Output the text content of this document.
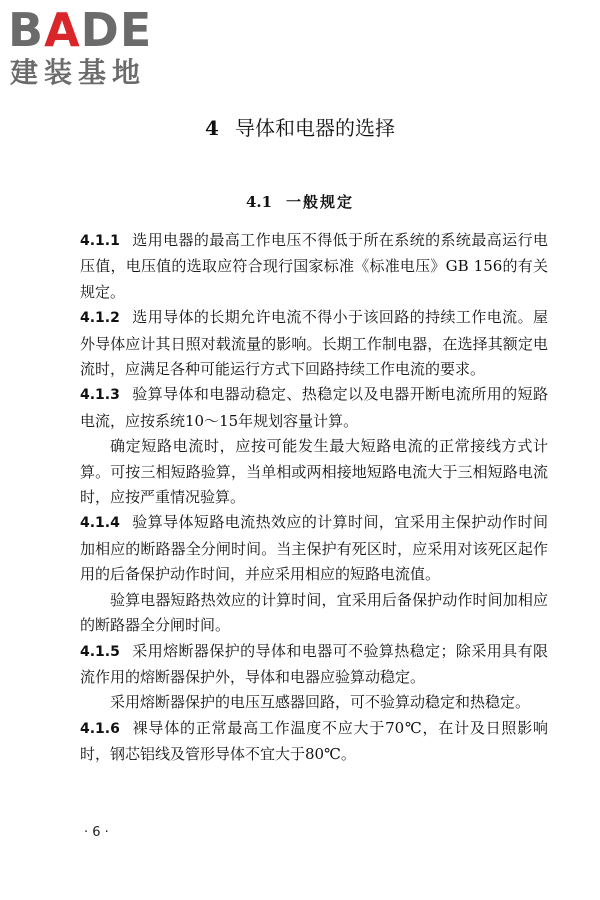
BADE
建装基地
4 导体和电器的选择
4.1 一般规定

4.1.1 选用电器的最高工作电压不得低于所在系统的系统最高运行电压值，电压值的选取应符合现行国家标准《标准电压》GB 156的有关规定。

4.1.2 选用导体的长期允许电流不得小于该回路的持续工作电流。屋外导体应计其日照对载流量的影响。长期工作制电器，在选择其额定电流时，应满足各种可能运行方式下回路持续工作电流的要求。

4.1.3 验算导体和电器动稳定、热稳定以及电器开断电流所用的短路电流，应按系统10～15年规划容量计算。

确定短路电流时，应按可能发生最大短路电流的正常接线方式计算。可按三相短路验算，当单相或两相接地短路电流大于三相短路电流时，应按严重情况验算。

4.1.4 验算导体短路电流热效应的计算时间，宜采用主保护动作时间加相应的断路器全分闸时间。当主保护有死区时，应采用对该死区起作用的后备保护动作时间，并应采用相应的短路电流值。

验算电器短路热效应的计算时间，宜采用后备保护动作时间加相应的断路器全分闸时间。

4.1.5 采用熔断器保护的导体和电器可不验算热稳定；除采用具有限流作用的熔断器保护外，导体和电器应验算动稳定。

采用熔断器保护的电压互感器回路，可不验算动稳定和热稳定。

4.1.6 裸导体的正常最高工作温度不应大于70℃，在计及日照影响时，钢芯铝线及管形导体不宜大于80℃。

· 6 ·
